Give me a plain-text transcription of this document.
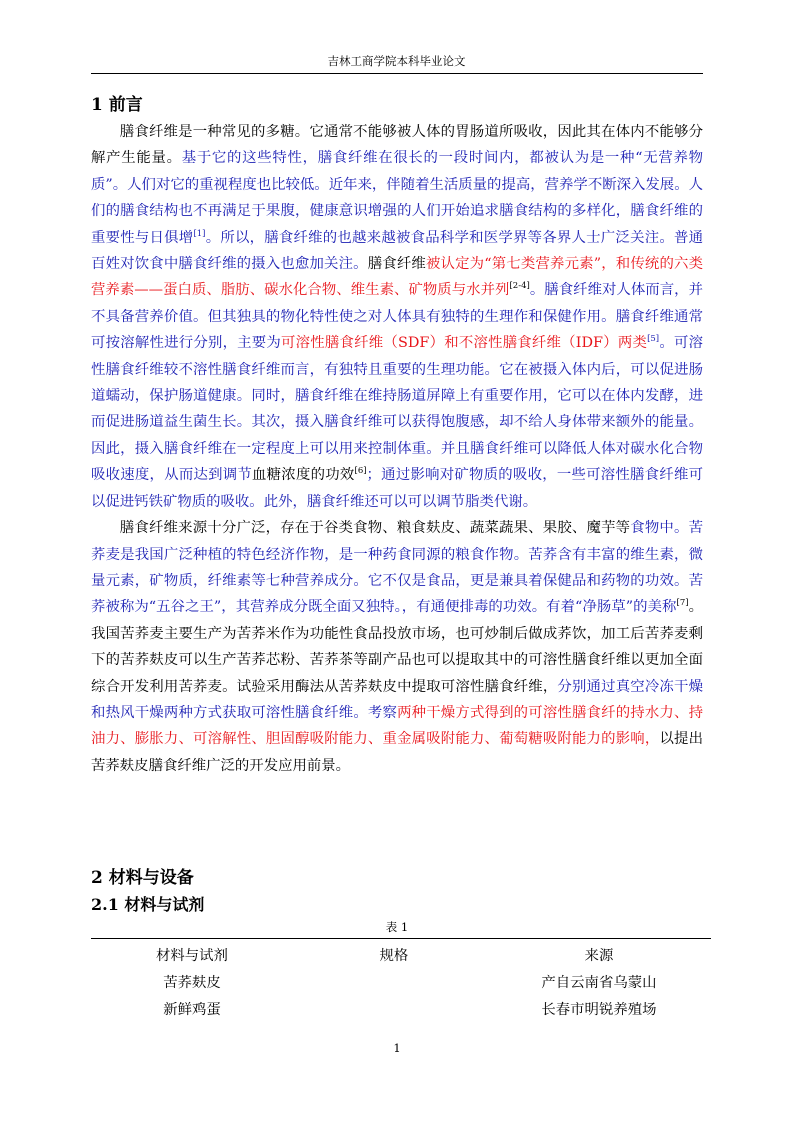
吉林工商学院本科毕业论文
1 前言

膳食纤维是一种常见的多糖。它通常不能够被人体的胃肠道所吸收，因此其在体内不能够分解产生能量。基于它的这些特性，膳食纤维在很长的一段时间内，都被认为是一种“无营养物质”。人们对它的重视程度也比较低。近年来，伴随着生活质量的提高，营养学不断深入发展。人们的膳食结构也不再满足于果腹，健康意识增强的人们开始追求膳食结构的多样化，膳食纤维的重要性与日俱增[1]。所以，膳食纤维的也越来越被食品科学和医学界等各界人士广泛关注。普通百姓对饮食中膳食纤维的摄入也愈加关注。膳食纤维被认定为“第七类营养元素”，和传统的六类营养素——蛋白质、脂肪、碳水化合物、维生素、矿物质与水并列[2-4]。膳食纤维对人体而言，并不具备营养价值。但其独具的物化特性使之对人体具有独特的生理作和保健作用。膳食纤维通常可按溶解性进行分别，主要为可溶性膳食纤维（SDF）和不溶性膳食纤维（IDF）两类[5]。可溶性膳食纤维较不溶性膳食纤维而言，有独特且重要的生理功能。它在被摄入体内后，可以促进肠道蠕动，保护肠道健康。同时，膳食纤维在维持肠道屏障上有重要作用，它可以在体内发酵，进而促进肠道益生菌生长。其次，摄入膳食纤维可以获得饱腹感，却不给人身体带来额外的能量。因此，摄入膳食纤维在一定程度上可以用来控制体重。并且膳食纤维可以降低人体对碳水化合物吸收速度，从而达到调节血糖浓度的功效[6]；通过影响对矿物质的吸收，一些可溶性膳食纤维可以促进钙铁矿物质的吸收。此外，膳食纤维还可以可以调节脂类代谢。

膳食纤维来源十分广泛，存在于谷类食物、粮食麸皮、蔬菜蔬果、果胶、魔芋等食物中。苦荞麦是我国广泛种植的特色经济作物，是一种药食同源的粮食作物。苦荞含有丰富的维生素，微量元素，矿物质，纤维素等七种营养成分。它不仅是食品，更是兼具着保健品和药物的功效。苦荞被称为“五谷之王”，其营养成分既全面又独特。，有通便排毒的功效。有着“净肠草”的美称[7]。我国苦荞麦主要生产为苦荞米作为功能性食品投放市场，也可炒制后做成荞饮，加工后苦荞麦剩下的苦荞麸皮可以生产苦荞芯粉、苦荞茶等副产品也可以提取其中的可溶性膳食纤维以更加全面综合开发利用苦荞麦。试验采用酶法从苦荞麸皮中提取可溶性膳食纤维，分别通过真空冷冻干燥和热风干燥两种方式获取可溶性膳食纤维。考察两种干燥方式得到的可溶性膳食纤的持水力、持油力、膨胀力、可溶解性、胆固醇吸附能力、重金属吸附能力、葡萄糖吸附能力的影响，以提出苦荞麸皮膳食纤维广泛的开发应用前景。

2 材料与设备
2.1 材料与试剂
表 1
材料与试剂	规格	来源
苦荞麸皮		产自云南省乌蒙山
新鲜鸡蛋		长春市明锐养殖场
1
